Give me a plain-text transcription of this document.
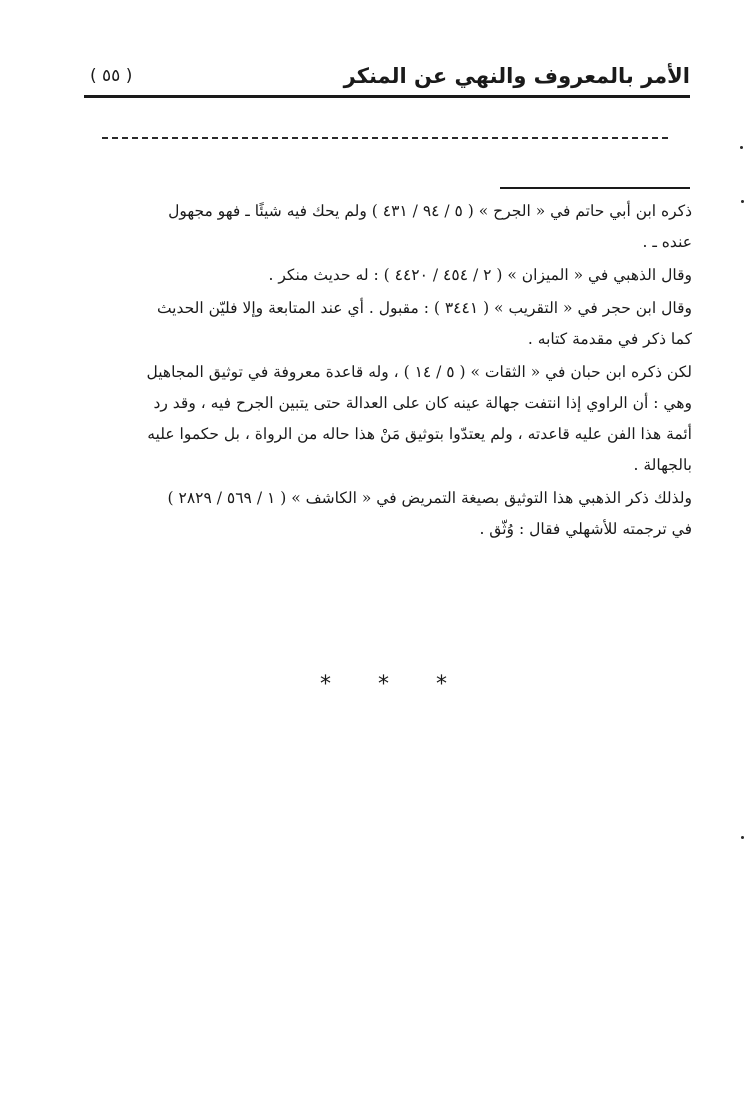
الأمر بالمعروف والنهي عن المنكر
( ٥٥ )

ذكره ابن أبي حاتم في « الجرح » ( ٥ / ٩٤ / ٤٣١ ) ولم يحك فيه شيئًا ـ فهو مجهول
عنده ـ .

وقال الذهبي في « الميزان » ( ٢ / ٤٥٤ / ٤٤٢٠ ) : له حديث منكر .

وقال ابن حجر في « التقريب » ( ٣٤٤١ ) : مقبول . أي عند المتابعة وإلا فليّن الحديث
كما ذكر في مقدمة كتابه .

لكن ذكره ابن حبان في « الثقات » ( ٥ / ١٤ ) ، وله قاعدة معروفة في توثيق المجاهيل
وهي : أن الراوي إذا انتفت جهالة عينه كان على العدالة حتى يتبين الجرح فيه ، وقد رد
أئمة هذا الفن عليه قاعدته ، ولم يعتدّوا بتوثيق مَنْ هذا حاله من الرواة ، بل حكموا عليه
بالجهالة .

ولذلك ذكر الذهبي هذا التوثيق بصيغة التمريض في « الكاشف » ( ١ / ٥٦٩ / ٢٨٢٩ )
في ترجمته للأشهلي فقال : وُثّق .

* * *
